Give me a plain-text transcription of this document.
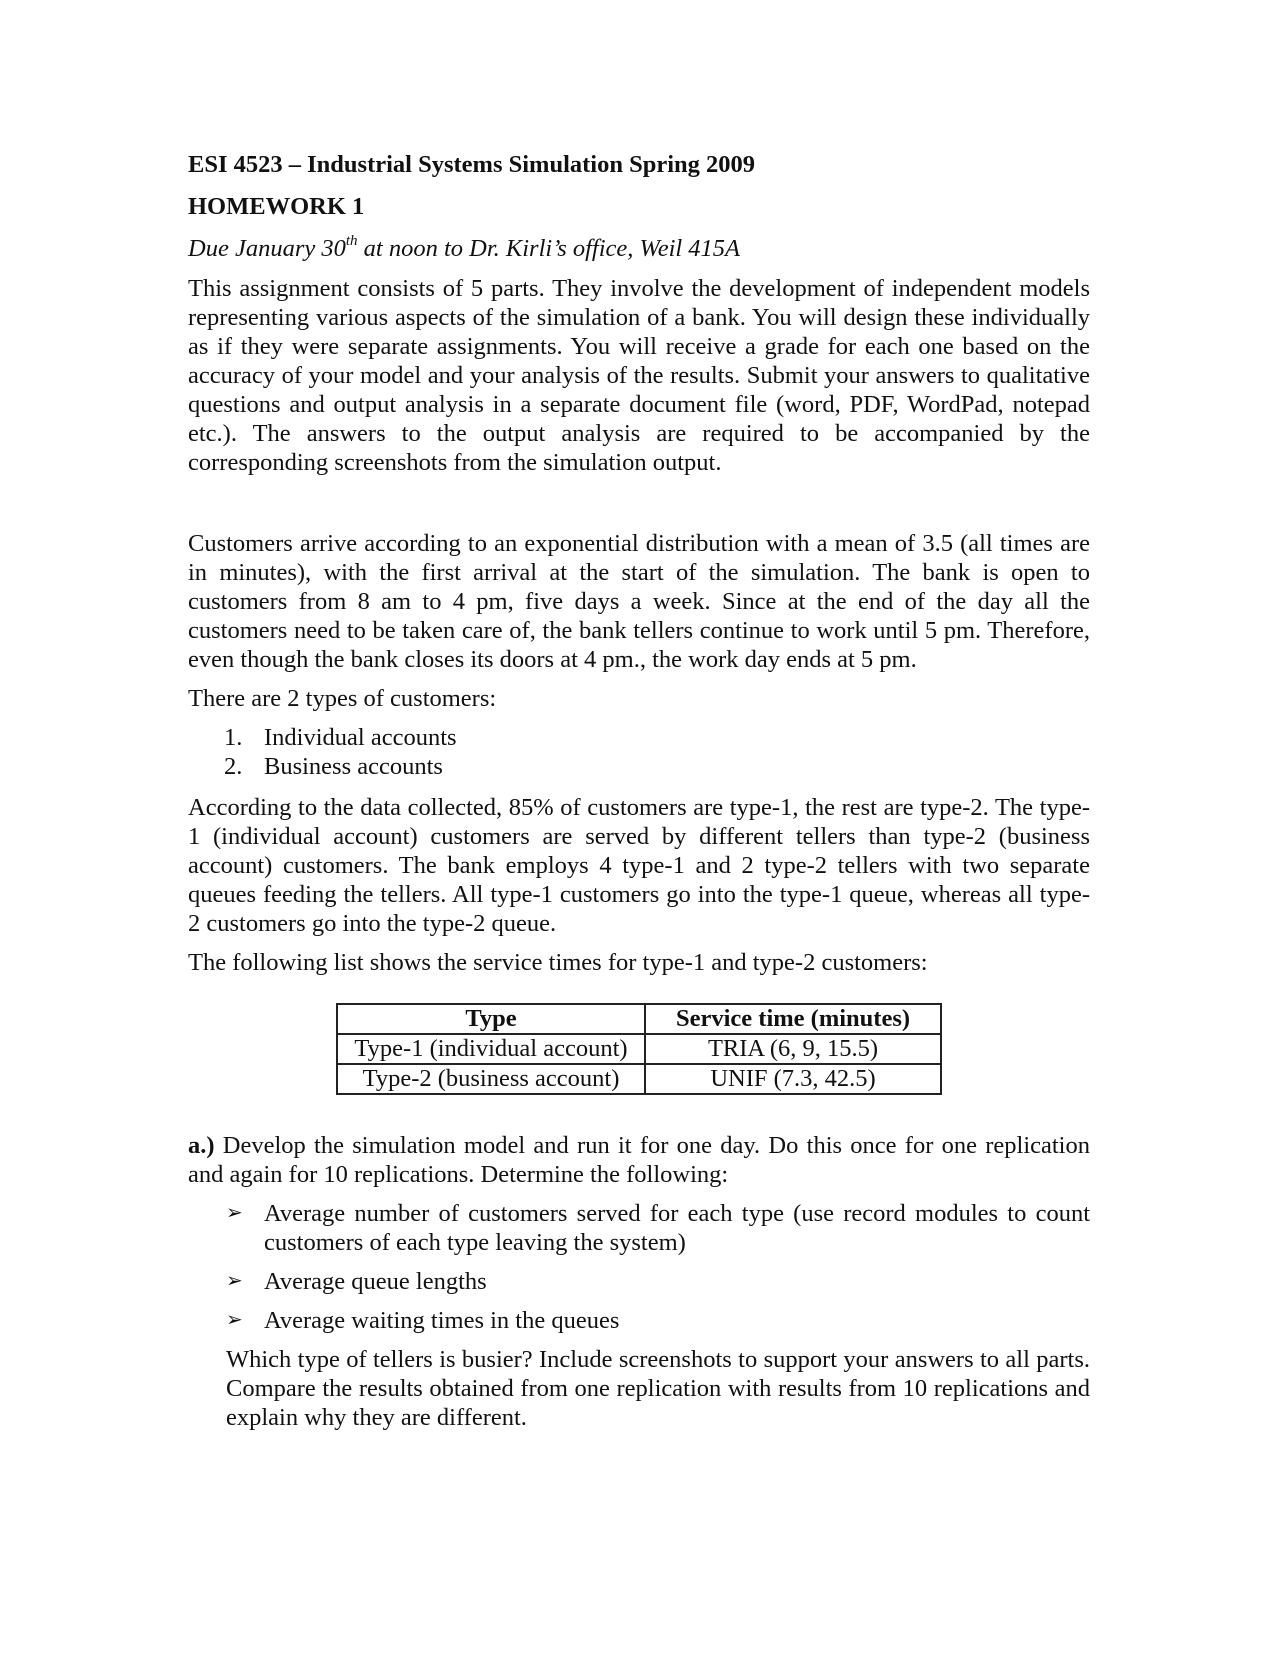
ESI 4523 – Industrial Systems Simulation Spring 2009

HOMEWORK 1

Due January 30th at noon to Dr. Kirli’s office, Weil 415A

This assignment consists of 5 parts. They involve the development of independent models representing various aspects of the simulation of a bank. You will design these individually as if they were separate assignments. You will receive a grade for each one based on the accuracy of your model and your analysis of the results. Submit your answers to qualitative questions and output analysis in a separate document file (word, PDF, WordPad, notepad etc.). The answers to the output analysis are required to be accompanied by the corresponding screenshots from the simulation output.

Customers arrive according to an exponential distribution with a mean of 3.5 (all times are in minutes), with the first arrival at the start of the simulation. The bank is open to customers from 8 am to 4 pm, five days a week. Since at the end of the day all the customers need to be taken care of, the bank tellers continue to work until 5 pm. Therefore, even though the bank closes its doors at 4 pm., the work day ends at 5 pm.

There are 2 types of customers:

1. Individual accounts
2. Business accounts

According to the data collected, 85% of customers are type-1, the rest are type-2. The type-1 (individual account) customers are served by different tellers than type-2 (business account) customers. The bank employs 4 type-1 and 2 type-2 tellers with two separate queues feeding the tellers. All type-1 customers go into the type-1 queue, whereas all type-2 customers go into the type-2 queue.

The following list shows the service times for type-1 and type-2 customers:

Type	Service time (minutes)
Type-1 (individual account)	TRIA (6, 9, 15.5)
Type-2 (business account)	UNIF (7.3, 42.5)

a.) Develop the simulation model and run it for one day. Do this once for one replication and again for 10 replications. Determine the following:

➢ Average number of customers served for each type (use record modules to count customers of each type leaving the system)
➢ Average queue lengths
➢ Average waiting times in the queues

Which type of tellers is busier? Include screenshots to support your answers to all parts. Compare the results obtained from one replication with results from 10 replications and explain why they are different.
